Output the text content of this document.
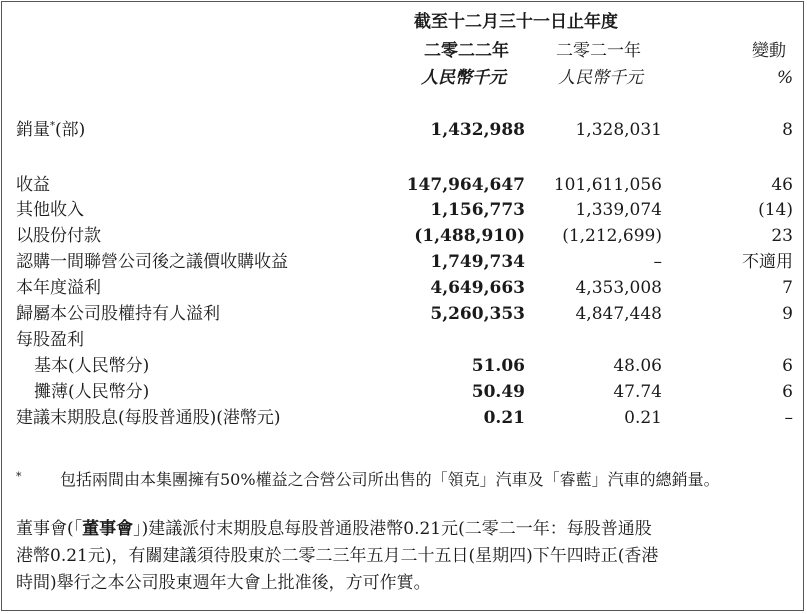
截至十二月三十一日止年度
二零二二年	二零二一年	變動
人民幣千元	人民幣千元	%
銷量*(部)	1,432,988	1,328,031	8
收益	147,964,647	101,611,056	46
其他收入	1,156,773	1,339,074	(14)
以股份付款	(1,488,910)	(1,212,699)	23
認購一間聯營公司後之議價收購收益	1,749,734	–	不適用
本年度溢利	4,649,663	4,353,008	7
歸屬本公司股權持有人溢利	5,260,353	4,847,448	9
每股盈利
基本(人民幣分)	51.06	48.06	6
攤薄(人民幣分)	50.49	47.74	6
建議末期股息(每股普通股)(港幣元)	0.21	0.21	–
* 包括兩間由本集團擁有50%權益之合營公司所出售的「領克」汽車及「睿藍」汽車的總銷量。
董事會(「董事會」)建議派付末期股息每股普通股港幣0.21元(二零二一年：每股普通股
港幣0.21元)，有關建議須待股東於二零二三年五月二十五日(星期四)下午四時正(香港
時間)舉行之本公司股東週年大會上批准後，方可作實。
